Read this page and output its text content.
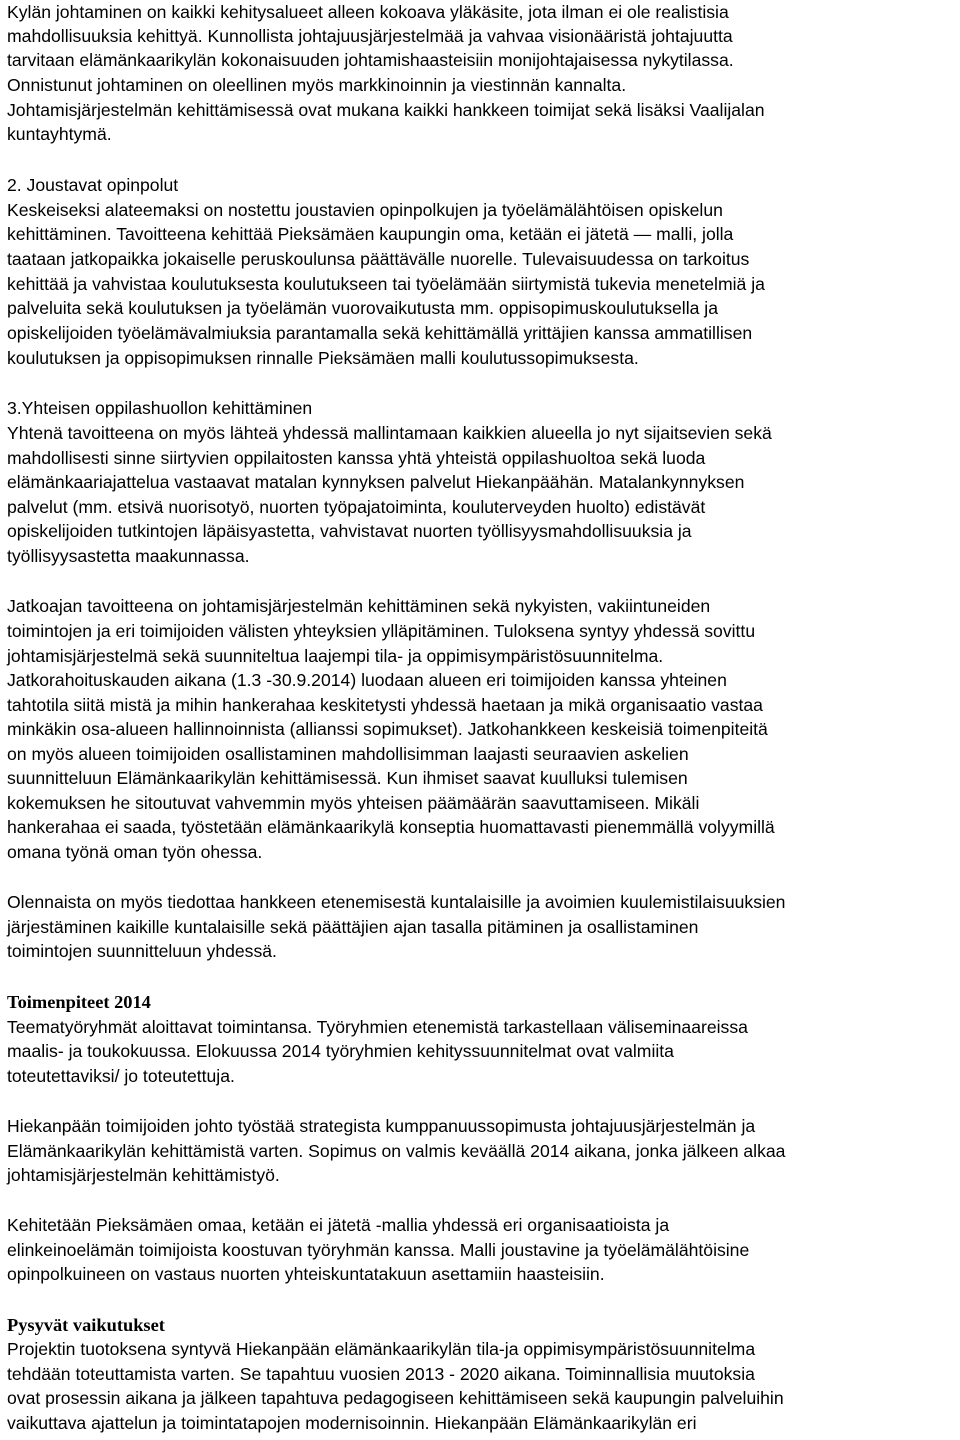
Kylän johtaminen on kaikki kehitysalueet alleen kokoava yläkäsite, jota ilman ei ole realistisia

mahdollisuuksia kehittyä. Kunnollista johtajuusjärjestelmää ja vahvaa visionääristä johtajuutta

tarvitaan elämänkaarikylän kokonaisuuden johtamishaasteisiin monijohtajaisessa nykytilassa.

Onnistunut johtaminen on oleellinen myös markkinoinnin ja viestinnän kannalta.

Johtamisjärjestelmän kehittämisessä ovat mukana kaikki hankkeen toimijat sekä lisäksi Vaalijalan

kuntayhtymä.

2. Joustavat opinpolut

Keskeiseksi alateemaksi on nostettu joustavien opinpolkujen ja työelämälähtöisen opiskelun

kehittäminen. Tavoitteena kehittää Pieksämäen kaupungin oma, ketään ei jätetä — malli, jolla

taataan jatkopaikka jokaiselle peruskoulunsa päättävälle nuorelle. Tulevaisuudessa on tarkoitus

kehittää ja vahvistaa koulutuksesta koulutukseen tai työelämään siirtymistä tukevia menetelmiä ja

palveluita sekä koulutuksen ja työelämän vuorovaikutusta mm. oppisopimuskoulutuksella ja

opiskelijoiden työelämävalmiuksia parantamalla sekä kehittämällä yrittäjien kanssa ammatillisen

koulutuksen ja oppisopimuksen rinnalle Pieksämäen malli koulutussopimuksesta.

3.Yhteisen oppilashuollon kehittäminen

Yhtenä tavoitteena on myös lähteä yhdessä mallintamaan kaikkien alueella jo nyt sijaitsevien sekä

mahdollisesti sinne siirtyvien oppilaitosten kanssa yhtä yhteistä oppilashuoltoa sekä luoda

elämänkaariajattelua vastaavat matalan kynnyksen palvelut Hiekanpäähän. Matalankynnyksen

palvelut (mm. etsivä nuorisotyö, nuorten työpajatoiminta, kouluterveyden huolto) edistävät

opiskelijoiden tutkintojen läpäisyastetta, vahvistavat nuorten työllisyysmahdollisuuksia ja

työllisyysastetta maakunnassa.

Jatkoajan tavoitteena on johtamisjärjestelmän kehittäminen sekä nykyisten, vakiintuneiden

toimintojen ja eri toimijoiden välisten yhteyksien ylläpitäminen. Tuloksena syntyy yhdessä sovittu

johtamisjärjestelmä sekä suunniteltua laajempi tila- ja oppimisympäristösuunnitelma.

Jatkorahoituskauden aikana (1.3 -30.9.2014) luodaan alueen eri toimijoiden kanssa yhteinen

tahtotila siitä mistä ja mihin hankerahaa keskitetysti yhdessä haetaan ja mikä organisaatio vastaa

minkäkin osa-alueen hallinnoinnista (allianssi sopimukset). Jatkohankkeen keskeisiä toimenpiteitä

on myös alueen toimijoiden osallistaminen mahdollisimman laajasti seuraavien askelien

suunnitteluun Elämänkaarikylän kehittämisessä. Kun ihmiset saavat kuulluksi tulemisen

kokemuksen he sitoutuvat vahvemmin myös yhteisen päämäärän saavuttamiseen. Mikäli

hankerahaa ei saada, työstetään elämänkaarikylä konseptia huomattavasti pienemmällä volyymillä

omana työnä oman työn ohessa.

Olennaista on myös tiedottaa hankkeen etenemisestä kuntalaisille ja avoimien kuulemistilaisuuksien

järjestäminen kaikille kuntalaisille sekä päättäjien ajan tasalla pitäminen ja osallistaminen

toimintojen suunnitteluun yhdessä.

Toimenpiteet 2014

Teematyöryhmät aloittavat toimintansa. Työryhmien etenemistä tarkastellaan väliseminaareissa

maalis- ja toukokuussa. Elokuussa 2014 työryhmien kehityssuunnitelmat ovat valmiita

toteutettaviksi/ jo toteutettuja.

Hiekanpään toimijoiden johto työstää strategista kumppanuussopimusta johtajuusjärjestelmän ja

Elämänkaarikylän kehittämistä varten. Sopimus on valmis keväällä 2014 aikana, jonka jälkeen alkaa

johtamisjärjestelmän kehittämistyö.

Kehitetään Pieksämäen omaa, ketään ei jätetä -mallia yhdessä eri organisaatioista ja

elinkeinoelämän toimijoista koostuvan työryhmän kanssa. Malli joustavine ja työelämälähtöisine

opinpolkuineen on vastaus nuorten yhteiskuntatakuun asettamiin haasteisiin.

Pysyvät vaikutukset

Projektin tuotoksena syntyvä Hiekanpään elämänkaarikylän tila-ja oppimisympäristösuunnitelma

tehdään toteuttamista varten. Se tapahtuu vuosien 2013 - 2020 aikana. Toiminnallisia muutoksia

ovat prosessin aikana ja jälkeen tapahtuva pedagogiseen kehittämiseen sekä kaupungin palveluihin

vaikuttava ajattelun ja toimintatapojen modernisoinnin. Hiekanpään Elämänkaarikylän eri
